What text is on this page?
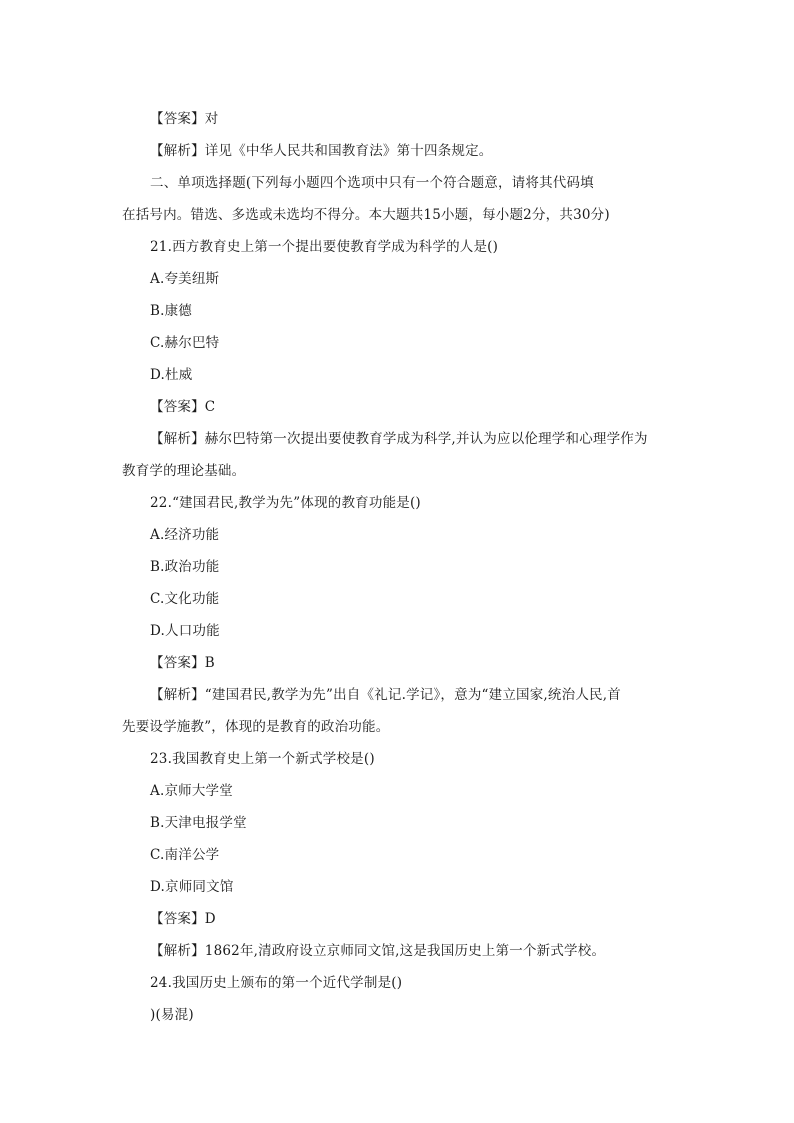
【答案】对
【解析】详见《中华人民共和国教育法》第十四条规定。
二、单项选择题(下列每小题四个选项中只有一个符合题意，请将其代码填
在括号内。错选、多选或未选均不得分。本大题共15小题，每小题2分，共30分)
21.西方教育史上第一个提出要使教育学成为科学的人是()
A.夸美纽斯
B.康德
C.赫尔巴特
D.杜威
【答案】C
【解析】赫尔巴特第一次提出要使教育学成为科学,并认为应以伦理学和心理学作为
教育学的理论基础。
22.“建国君民,教学为先”体现的教育功能是()
A.经济功能
B.政治功能
C.文化功能
D.人口功能
【答案】B
【解析】“建国君民,教学为先”出自《礼记.学记》，意为“建立国家,统治人民,首
先要设学施教”，体现的是教育的政治功能。
23.我国教育史上第一个新式学校是()
A.京师大学堂
B.天津电报学堂
C.南洋公学
D.京师同文馆
【答案】D
【解析】1862年,清政府设立京师同文馆,这是我国历史上第一个新式学校。
24.我国历史上颁布的第一个近代学制是()
)(易混)
